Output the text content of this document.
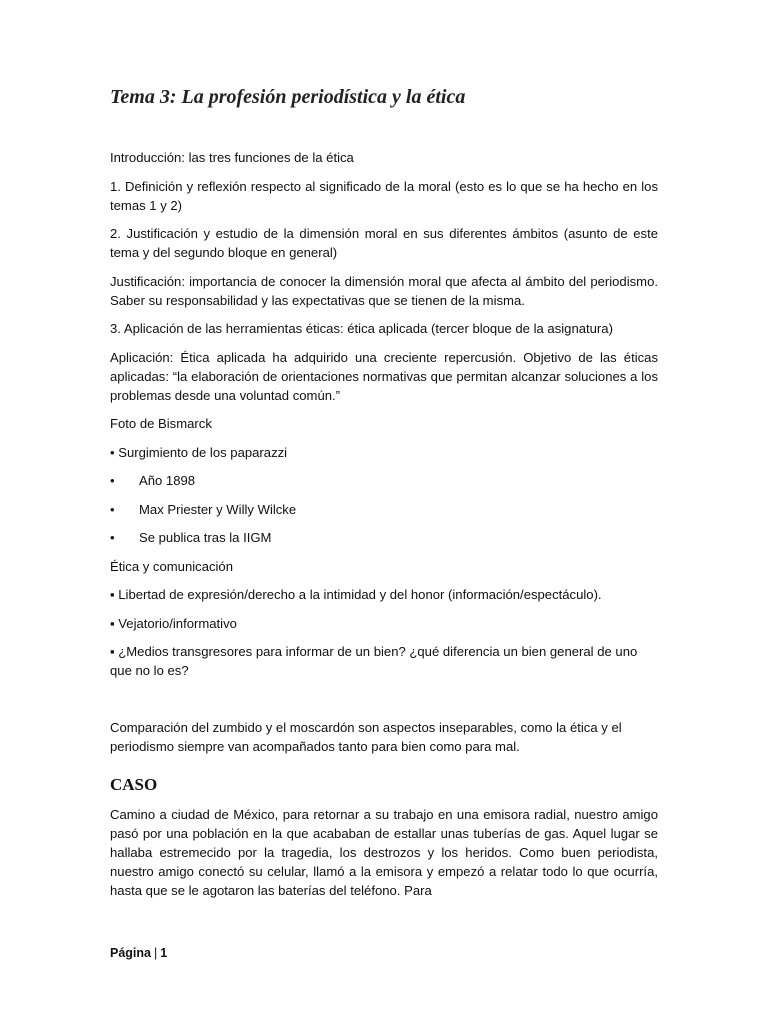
Tema 3: La profesión periodística y la ética

Introducción: las tres funciones de la ética

1. Definición y reflexión respecto al significado de la moral (esto es lo que se ha hecho en los temas 1 y 2)

2. Justificación y estudio de la dimensión moral en sus diferentes ámbitos (asunto de este tema y del segundo bloque en general)

Justificación: importancia de conocer la dimensión moral que afecta al ámbito del periodismo. Saber su responsabilidad y las expectativas que se tienen de la misma.

3. Aplicación de las herramientas éticas: ética aplicada (tercer bloque de la asignatura)

Aplicación: Ética aplicada ha adquirido una creciente repercusión. Objetivo de las éticas aplicadas: “la elaboración de orientaciones normativas que permitan alcanzar soluciones a los problemas desde una voluntad común.”

Foto de Bismarck

• Surgimiento de los paparazzi

•	Año 1898
•	Max Priester y Willy Wilcke
•	Se publica tras la IIGM

Ética y comunicación

▪ Libertad de expresión/derecho a la intimidad y del honor (información/espectáculo).

▪ Vejatorio/informativo

▪ ¿Medios transgresores para informar de un bien? ¿qué diferencia un bien general de uno que no lo es?

Comparación del zumbido y el moscardón son aspectos inseparables, como la ética y el periodismo siempre van acompañados tanto para bien como para mal.

CASO

Camino a ciudad de México, para retornar a su trabajo en una emisora radial, nuestro amigo pasó por una población en la que acababan de estallar unas tuberías de gas. Aquel lugar se hallaba estremecido por la tragedia, los destrozos y los heridos. Como buen periodista, nuestro amigo conectó su celular, llamó a la emisora y empezó a relatar todo lo que ocurría, hasta que se le agotaron las baterías del teléfono. Para

Página | 1
